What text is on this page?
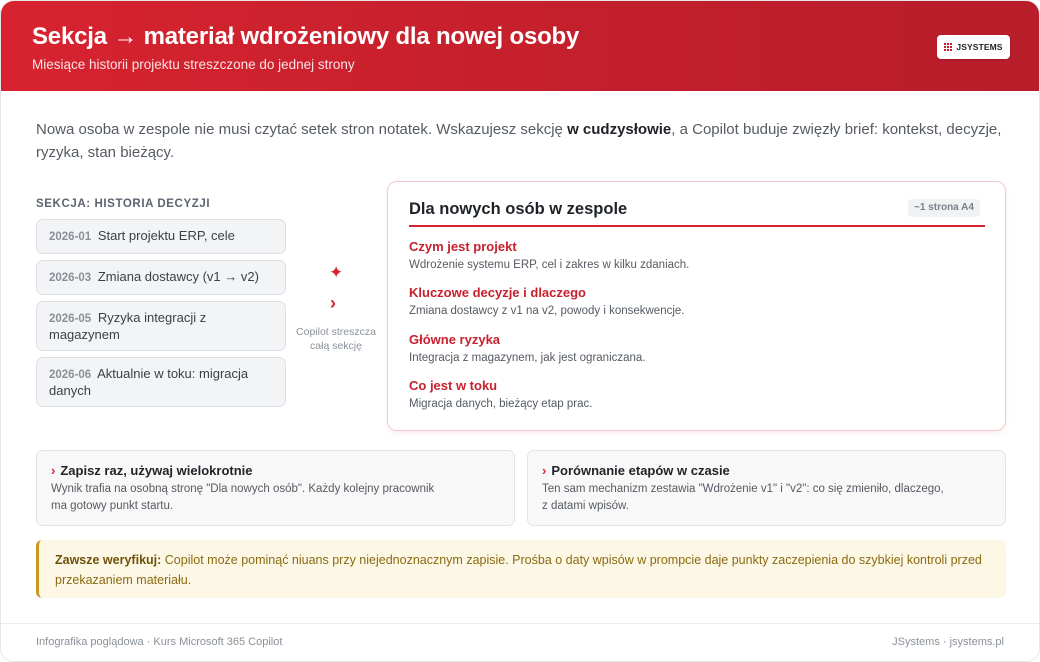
Sekcja → materiał wdrożeniowy dla nowej osoby
Miesiące historii projektu streszczone do jednej strony
JSYSTEMS
Nowa osoba w zespole nie musi czytać setek stron notatek. Wskazujesz sekcję w cudzysłowie, a Copilot buduje zwięzły brief: kontekst, decyzje, ryzyka, stan bieżący.
SEKCJA: HISTORIA DECYZJI
2026-01 Start projektu ERP, cele
2026-03 Zmiana dostawcy (v1 → v2)
2026-05 Ryzyka integracji z
magazynem
2026-06 Aktualnie w toku: migracja
danych
✦
›
Copilot streszcza
całą sekcję
Dla nowych osób w zespole	~1 strona A4
Czym jest projekt
Wdrożenie systemu ERP, cel i zakres w kilku zdaniach.
Kluczowe decyzje i dlaczego
Zmiana dostawcy z v1 na v2, powody i konsekwencje.
Główne ryzyka
Integracja z magazynem, jak jest ograniczana.
Co jest w toku
Migracja danych, bieżący etap prac.
› Zapisz raz, używaj wielokrotnie
Wynik trafia na osobną stronę "Dla nowych osób". Każdy kolejny pracownik
ma gotowy punkt startu.
› Porównanie etapów w czasie
Ten sam mechanizm zestawia "Wdrożenie v1" i "v2": co się zmieniło, dlaczego,
z datami wpisów.
Zawsze weryfikuj: Copilot może pominąć niuans przy niejednoznacznym zapisie. Prośba o daty wpisów w prompcie daje punkty zaczepienia do szybkiej kontroli przed przekazaniem materiału.
Infografika poglądowa · Kurs Microsoft 365 Copilot	JSystems · jsystems.pl
